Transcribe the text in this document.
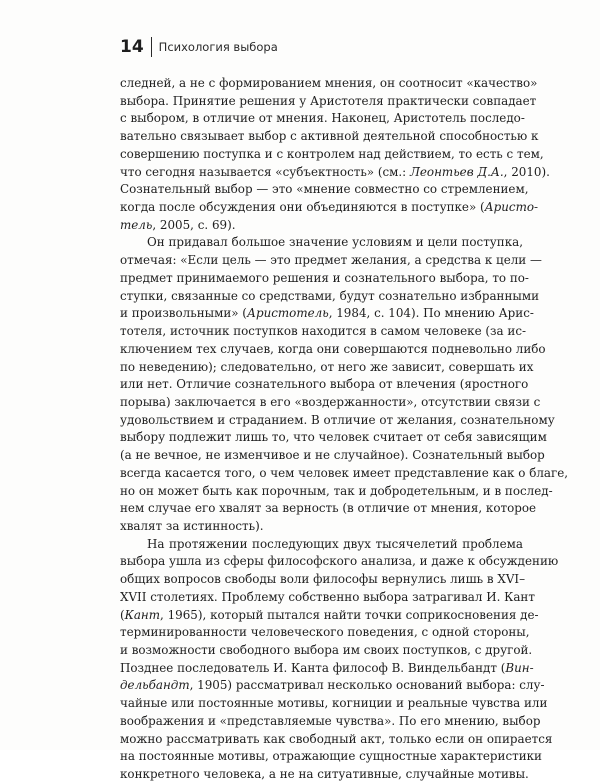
14 Психология выбора
следней, а не с формированием мнения, он соотносит «качество»
выбора. Принятие решения у Аристотеля практически совпадает
с выбором, в отличие от мнения. Наконец, Аристотель последо-
вательно связывает выбор с активной деятельной способностью к
совершению поступка и с контролем над действием, то есть с тем,
что сегодня называется «субъектность» (см.: Леонтьев Д.А., 2010).
Сознательный выбор — это «мнение совместно со стремлением,
когда после обсуждения они объединяются в поступке» (Аристо-
тель, 2005, с. 69).
Он придавал большое значение условиям и цели поступка,
отмечая: «Если цель — это предмет желания, а средства к цели —
предмет принимаемого решения и сознательного выбора, то по-
ступки, связанные со средствами, будут сознательно избранными
и произвольными» (Аристотель, 1984, с. 104). По мнению Арис-
тотеля, источник поступков находится в самом человеке (за ис-
ключением тех случаев, когда они совершаются подневольно либо
по неведению); следовательно, от него же зависит, совершать их
или нет. Отличие сознательного выбора от влечения (яростного
порыва) заключается в его «воздержанности», отсутствии связи с
удовольствием и страданием. В отличие от желания, сознательному
выбору подлежит лишь то, что человек считает от себя зависящим
(а не вечное, не изменчивое и не случайное). Сознательный выбор
всегда касается того, о чем человек имеет представление как о благе,
но он может быть как порочным, так и добродетельным, и в послед-
нем случае его хвалят за верность (в отличие от мнения, которое
хвалят за истинность).
На протяжении последующих двух тысячелетий проблема
выбора ушла из сферы философского анализа, и даже к обсуждению
общих вопросов свободы воли философы вернулись лишь в XVI–
XVII столетиях. Проблему собственно выбора затрагивал И. Кант
(Кант, 1965), который пытался найти точки соприкосновения де-
терминированности человеческого поведения, с одной стороны,
и возможности свободного выбора им своих поступков, с другой.
Позднее последователь И. Канта философ В. Виндельбандт (Вин-
дельбандт, 1905) рассматривал несколько оснований выбора: слу-
чайные или постоянные мотивы, когниции и реальные чувства или
воображения и «представляемые чувства». По его мнению, выбор
можно рассматривать как свободный акт, только если он опирается
на постоянные мотивы, отражающие сущностные характеристики
конкретного человека, а не на ситуативные, случайные мотивы.
